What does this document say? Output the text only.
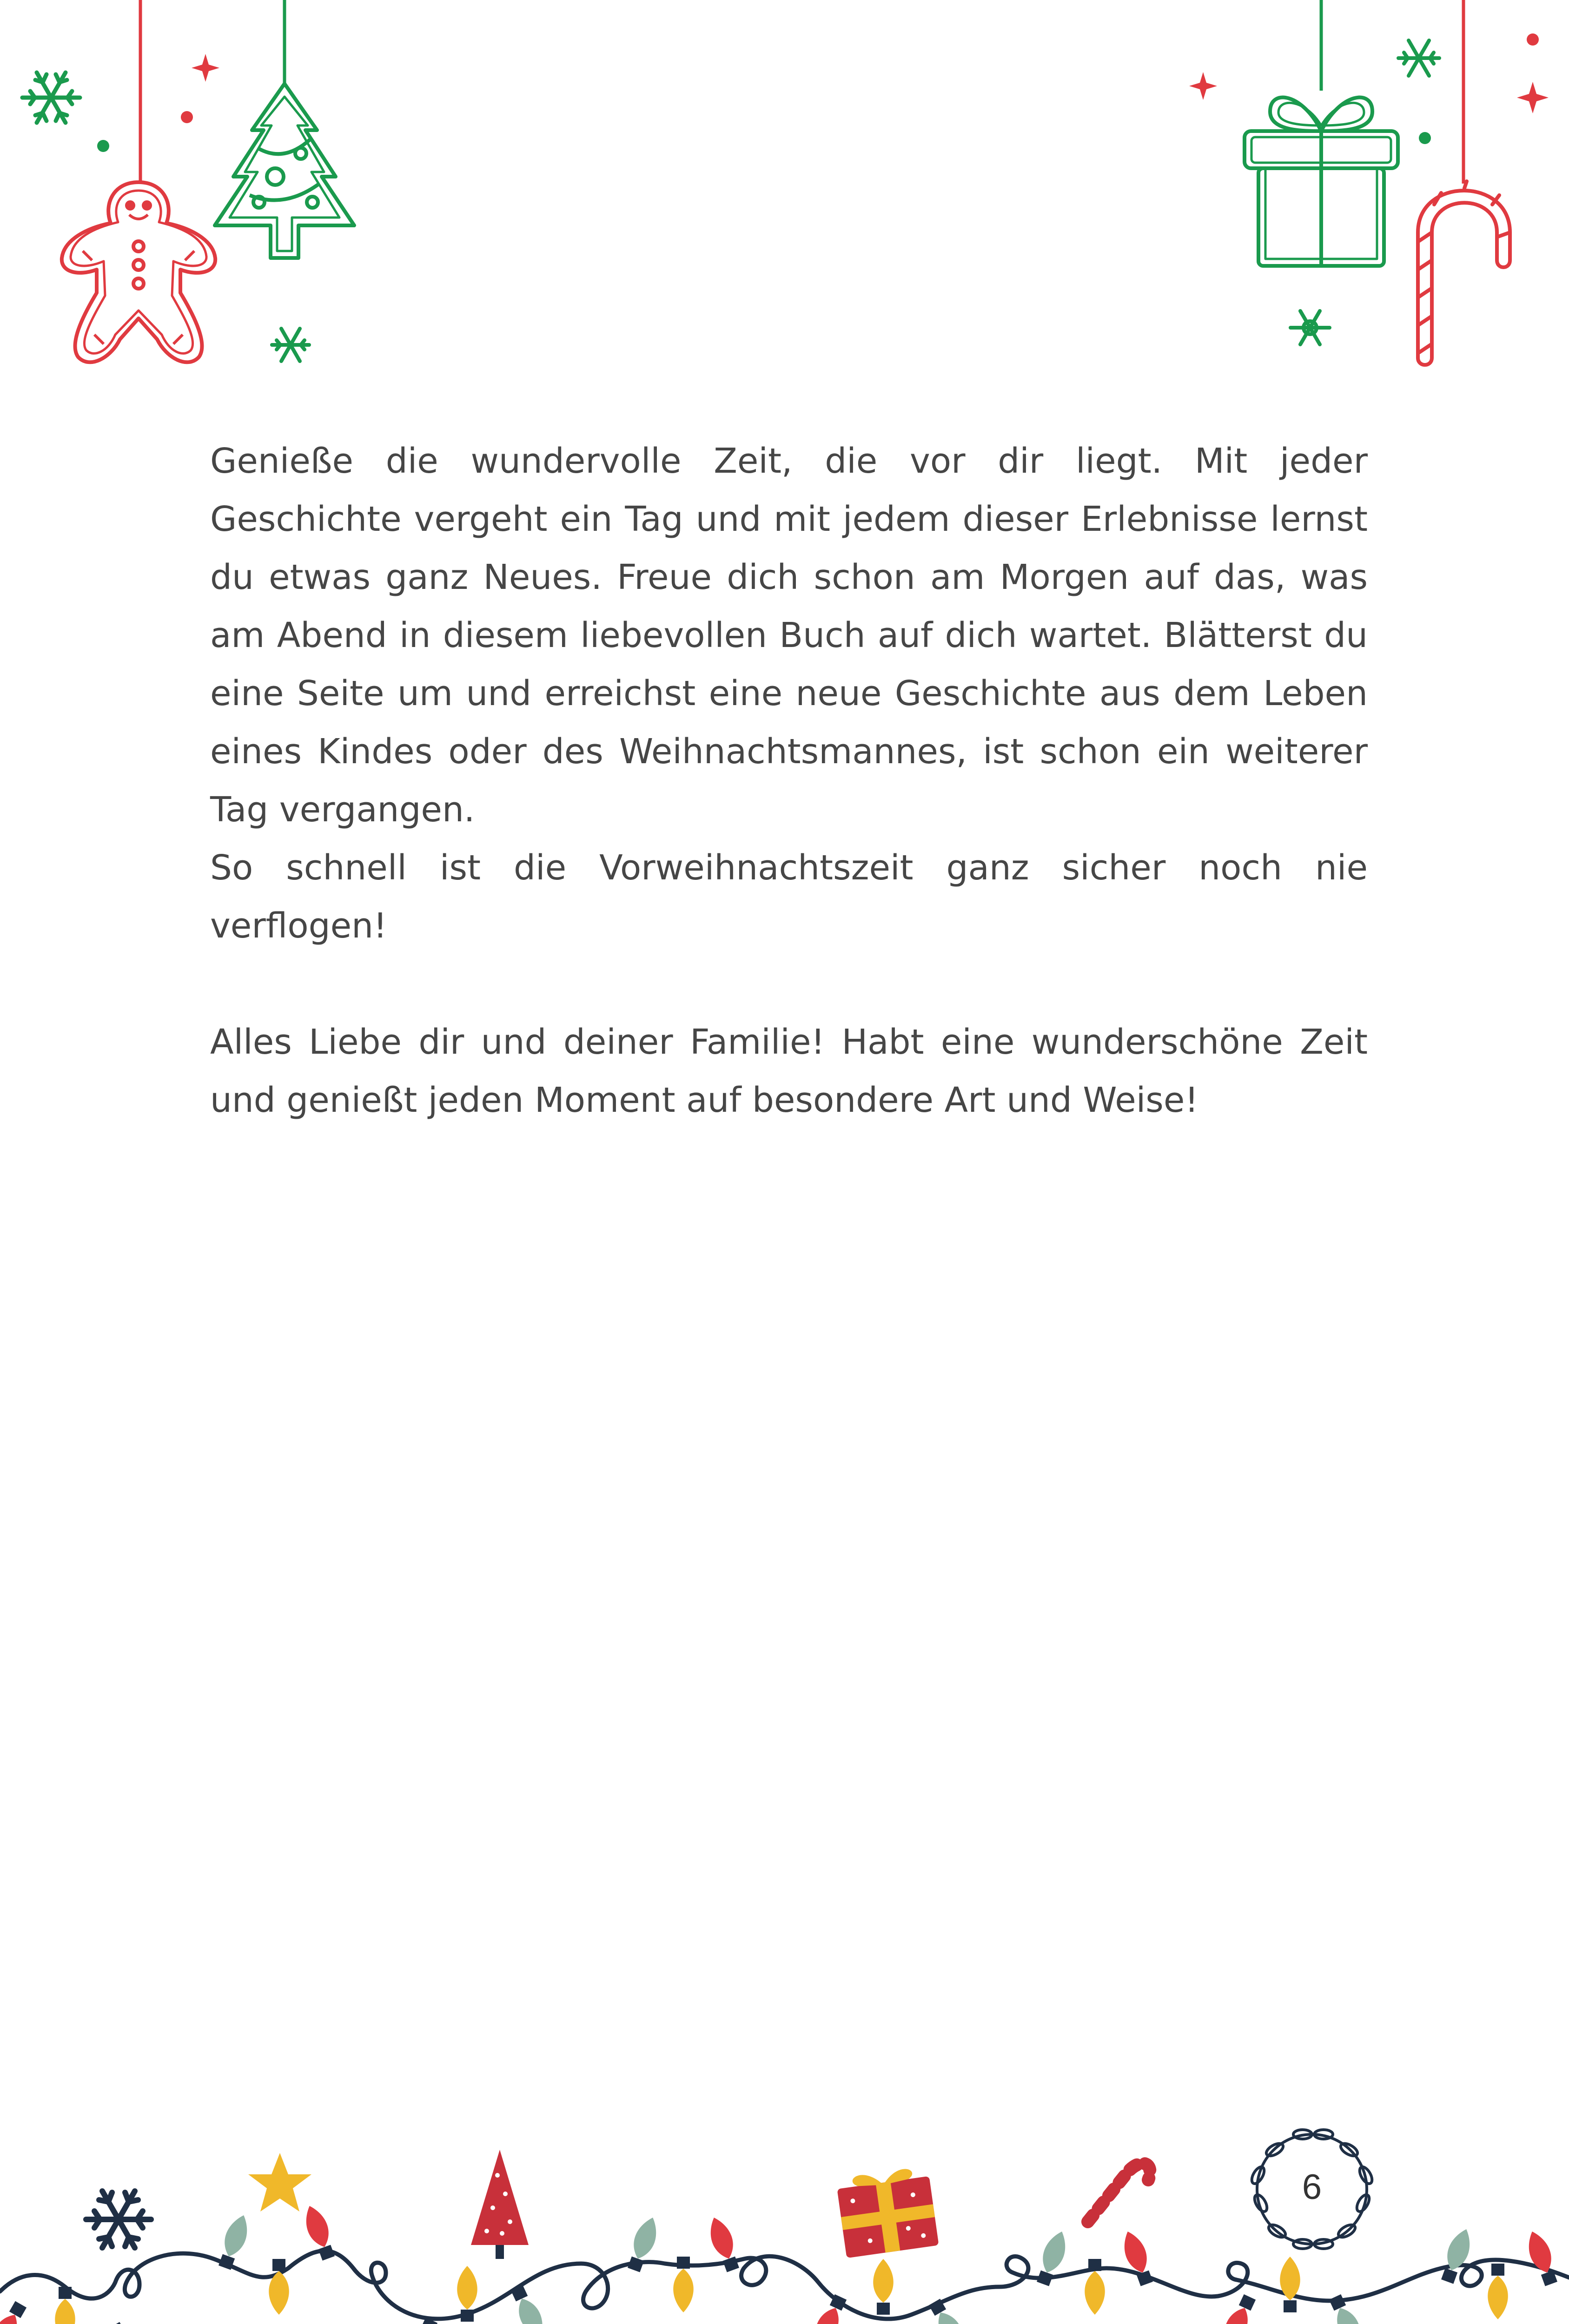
Genieße die wundervolle Zeit, die vor dir liegt. Mit jeder Geschichte vergeht ein Tag und mit jedem dieser Erlebnisse lernst du etwas ganz Neues. Freue dich schon am Morgen auf das, was am Abend in diesem liebevollen Buch auf dich wartet. Blätterst du eine Seite um und erreichst eine neue Geschichte aus dem Leben eines Kindes oder des Weihnachtsmannes, ist schon ein weiterer Tag vergangen.

So schnell ist die Vorweihnachtszeit ganz sicher noch nie verflogen!

Alles Liebe dir und deiner Familie! Habt eine wunderschöne Zeit und genießt jeden Moment auf besondere Art und Weise!

6
